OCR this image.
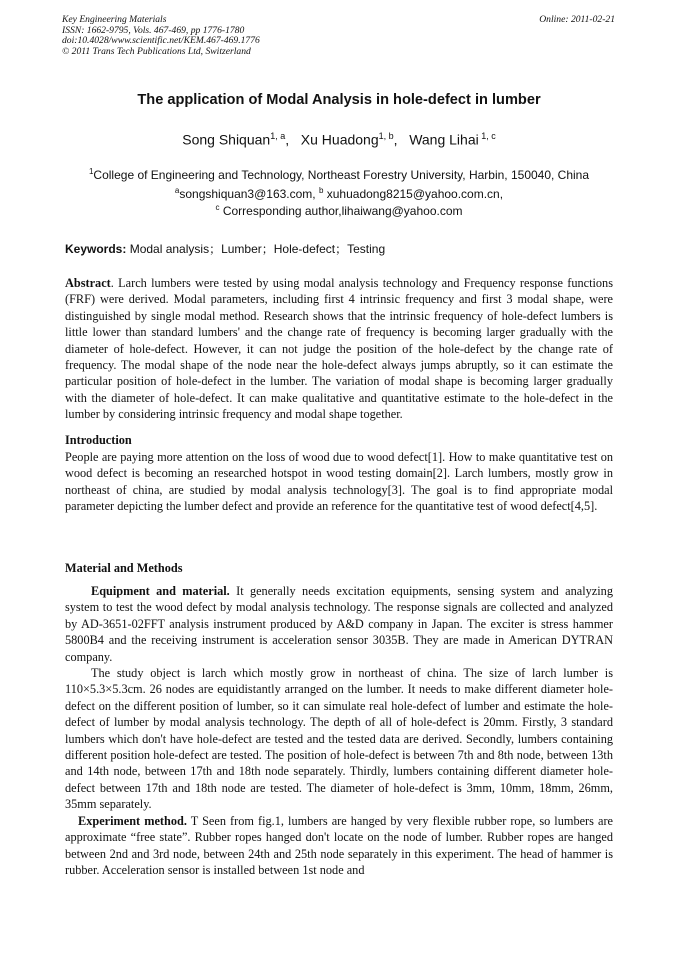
Key Engineering Materials
ISSN: 1662-9795, Vols. 467-469, pp 1776-1780
doi:10.4028/www.scientific.net/KEM.467-469.1776
© 2011 Trans Tech Publications Ltd, Switzerland
Online: 2011-02-21
The application of Modal Analysis in hole-defect in lumber
Song Shiquan$^{1, a}$,   Xu Huadong$^{1, b}$,   Wang Lihai $^{1, c}$
$^1$College of Engineering and Technology, Northeast Forestry University, Harbin, 150040, China
$^a$songshiquan3@163.com, $^b$ xuhuadong8215@yahoo.com.cn,
$^c$ Corresponding author,lihaiwang@yahoo.com
Keywords: Modal analysis；Lumber；Hole-defect；Testing

Abstract. Larch lumbers were tested by using modal analysis technology and Frequency response functions (FRF) were derived. Modal parameters, including first 4 intrinsic frequency and first 3 modal shape, were distinguished by single modal method. Research shows that the intrinsic frequency of hole-defect lumbers is little lower than standard lumbers' and the change rate of frequency is becoming larger gradually with the diameter of hole-defect. However, it can not judge the position of the hole-defect by the change rate of frequency. The modal shape of the node near the hole-defect always jumps abruptly, so it can estimate the particular position of hole-defect in the lumber. The variation of modal shape is becoming larger gradually with the diameter of hole-defect. It can make qualitative and quantitative estimate to the hole-defect in the lumber by considering intrinsic frequency and modal shape together.

Introduction

People are paying more attention on the loss of wood due to wood defect[1]. How to make quantitative test on wood defect is becoming an researched hotspot in wood testing domain[2]. Larch lumbers, mostly grow in northeast of china, are studied by modal analysis technology[3]. The goal is to find appropriate modal parameter depicting the lumber defect and provide an reference for the quantitative test of wood defect[4,5].

Material and Methods

Equipment and material. It generally needs excitation equipments, sensing system and analyzing system to test the wood defect by modal analysis technology. The response signals are collected and analyzed by AD-3651-02FFT analysis instrument produced by A&D company in Japan. The exciter is stress hammer 5800B4 and the receiving instrument is acceleration sensor 3035B. They are made in American DYTRAN company.

The study object is larch which mostly grow in northeast of china. The size of larch lumber is 110×5.3×5.3cm. 26 nodes are equidistantly arranged on the lumber. It needs to make different diameter hole-defect on the different position of lumber, so it can simulate real hole-defect of lumber and estimate the hole-defect of lumber by modal analysis technology. The depth of all of hole-defect is 20mm. Firstly, 3 standard lumbers which don't have hole-defect are tested and the tested data are derived. Secondly, lumbers containing different position hole-defect are tested. The position of hole-defect is between 7th and 8th node, between 13th and 14th node, between 17th and 18th node separately. Thirdly, lumbers containing different diameter hole-defect between 17th and 18th node are tested. The diameter of hole-defect is 3mm, 10mm, 18mm, 26mm, 35mm separately.

Experiment method. T Seen from fig.1, lumbers are hanged by very flexible rubber rope, so lumbers are approximate “free state”. Rubber ropes hanged don't locate on the node of lumber. Rubber ropes are hanged between 2nd and 3rd node, between 24th and 25th node separately in this experiment. The head of hammer is rubber. Acceleration sensor is installed between 1st node and
